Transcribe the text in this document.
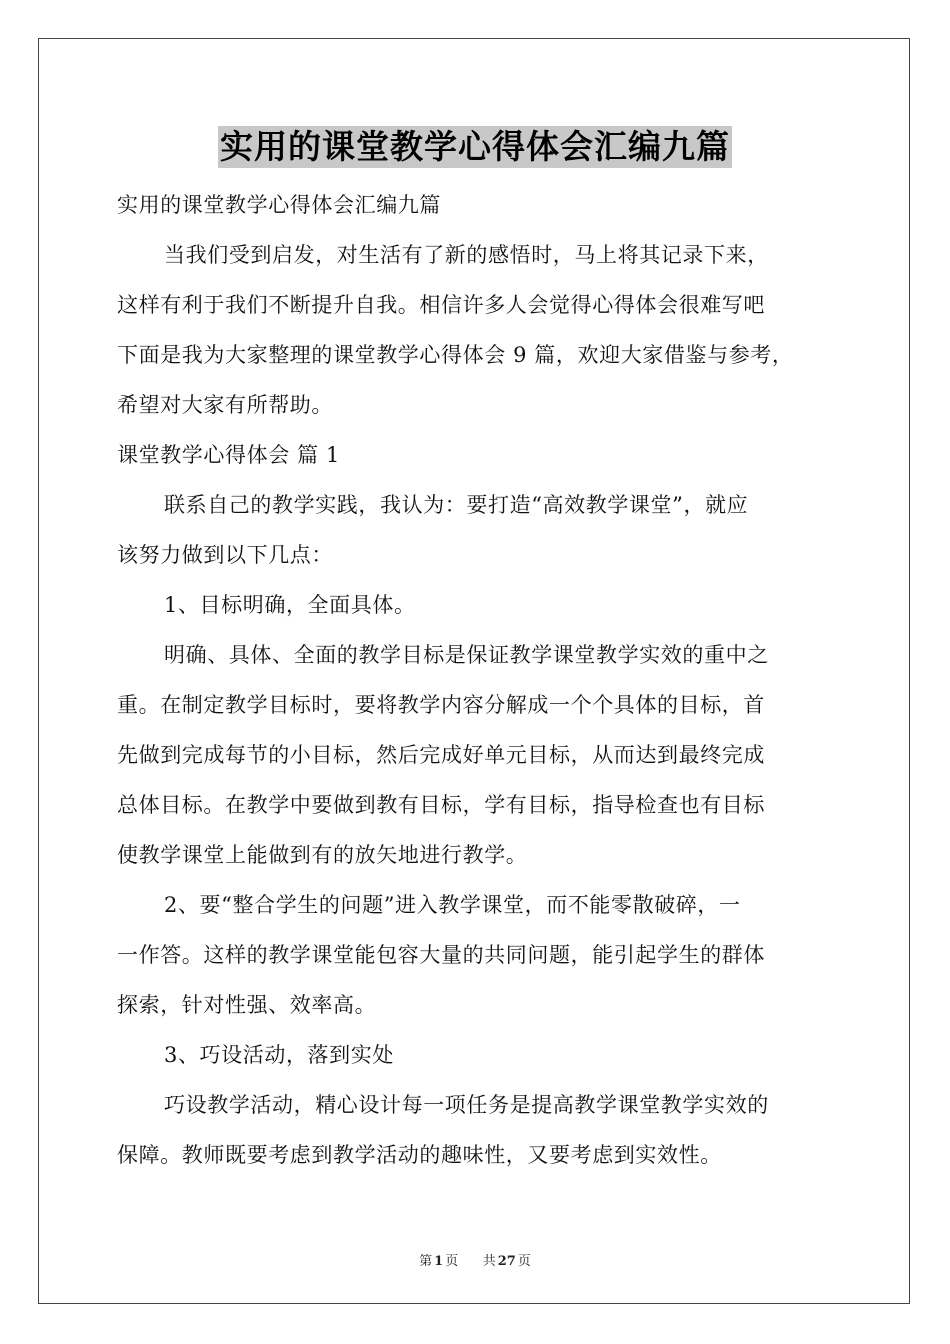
实用的课堂教学心得体会汇编九篇
实用的课堂教学心得体会汇编九篇
当我们受到启发，对生活有了新的感悟时，马上将其记录下来，
这样有利于我们不断提升自我。相信许多人会觉得心得体会很难写吧
下面是我为大家整理的课堂教学心得体会 9 篇，欢迎大家借鉴与参考，
希望对大家有所帮助。
课堂教学心得体会 篇 1
联系自己的教学实践，我认为：要打造“高效教学课堂”，就应
该努力做到以下几点：
1、目标明确，全面具体。
明确、具体、全面的教学目标是保证教学课堂教学实效的重中之
重。在制定教学目标时，要将教学内容分解成一个个具体的目标，首
先做到完成每节的小目标，然后完成好单元目标，从而达到最终完成
总体目标。在教学中要做到教有目标，学有目标，指导检查也有目标
使教学课堂上能做到有的放矢地进行教学。
2、要“整合学生的问题”进入教学课堂，而不能零散破碎，一
一作答。这样的教学课堂能包容大量的共同问题，能引起学生的群体
探索，针对性强、效率高。
3、巧设活动，落到实处
巧设教学活动，精心设计每一项任务是提高教学课堂教学实效的
保障。教师既要考虑到教学活动的趣味性，又要考虑到实效性。
第 1 页 共 27 页
